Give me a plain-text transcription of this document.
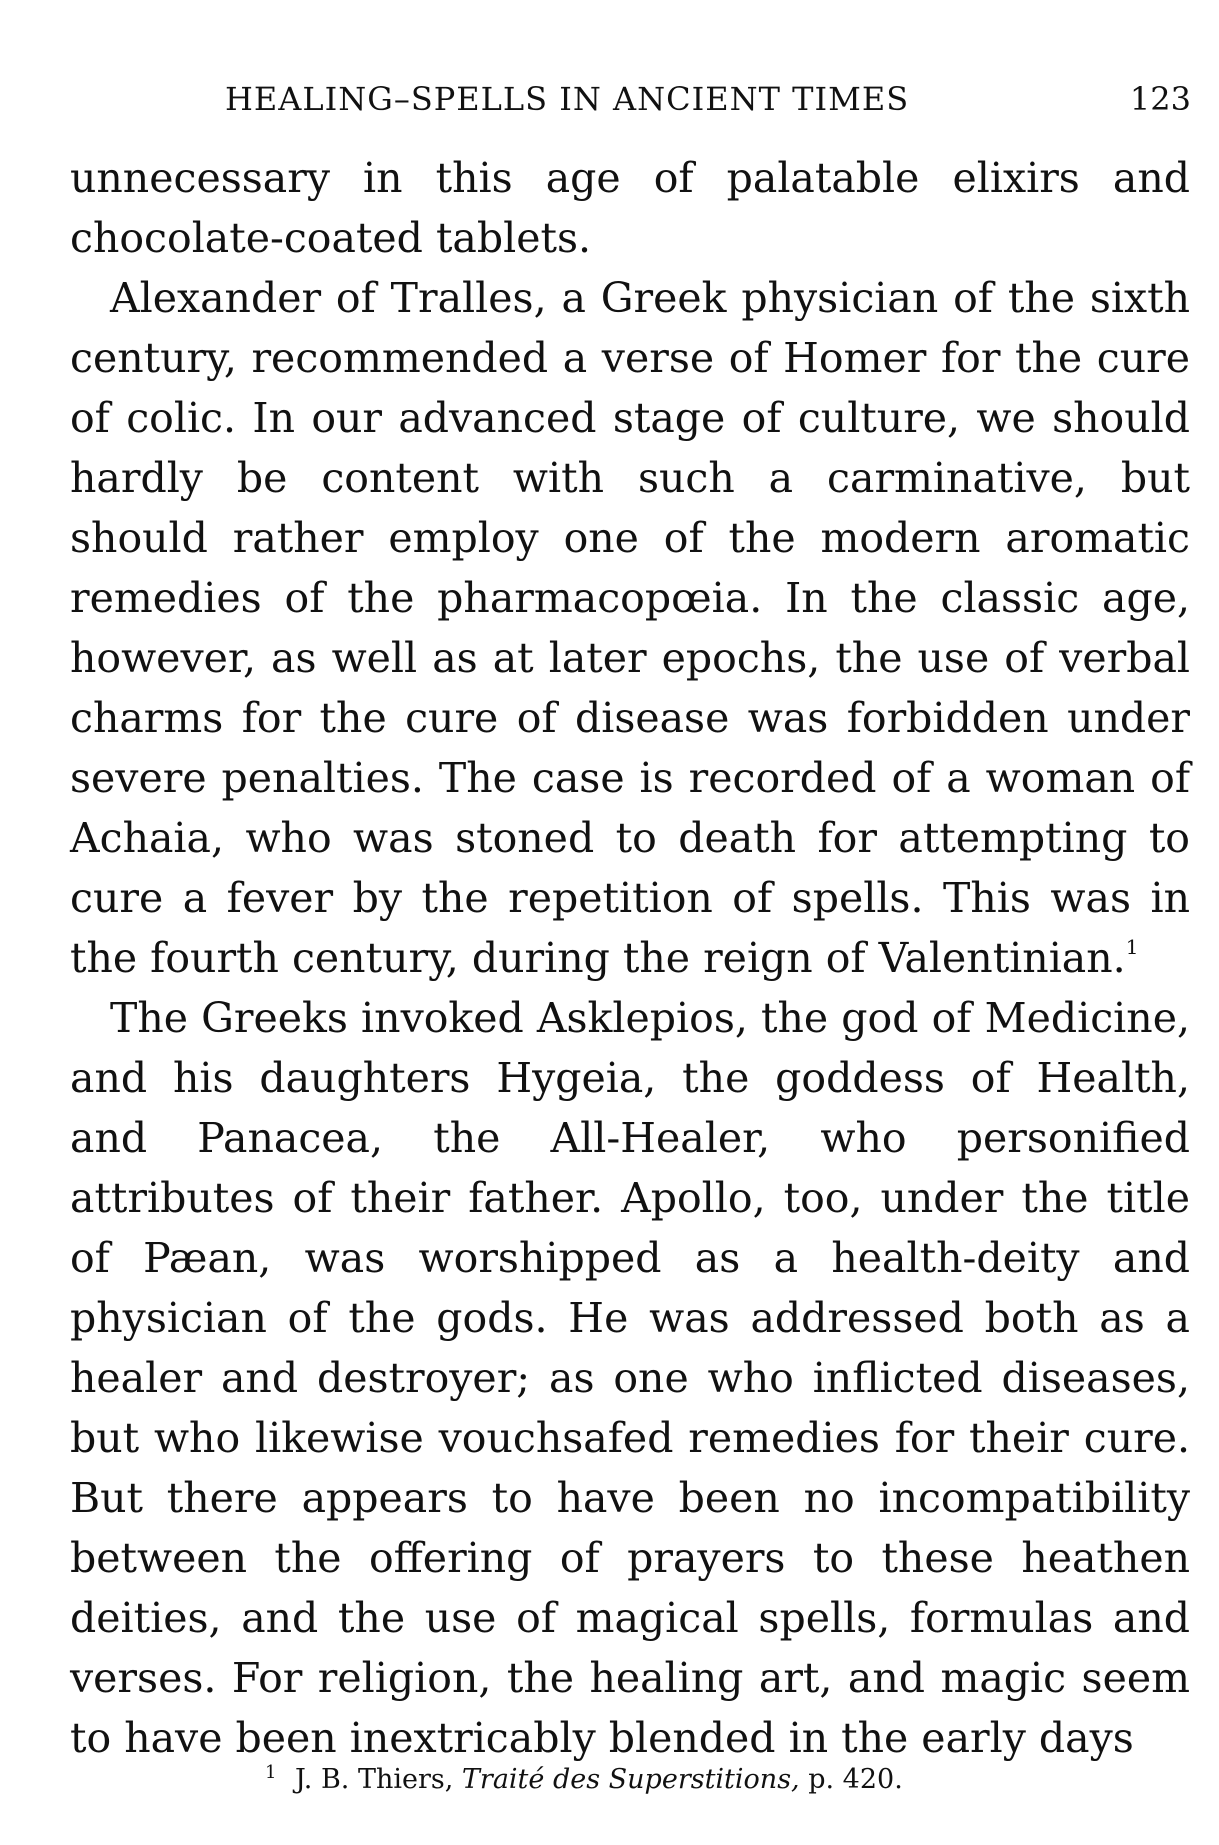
HEALING–SPELLS IN ANCIENT TIMES	123

unnecessary in this age of palatable elixirs and chocolate-coated tablets.

Alexander of Tralles, a Greek physician of the sixth century, recommended a verse of Homer for the cure of colic. In our advanced stage of culture, we should hardly be content with such a carminative, but should rather employ one of the modern aromatic remedies of the pharmacopœia. In the classic age, however, as well as at later epochs, the use of verbal charms for the cure of disease was forbidden under severe penalties. The case is recorded of a woman of Achaia, who was stoned to death for attempting to cure a fever by the repetition of spells. This was in the fourth century, during the reign of Valentinian.$^1$

The Greeks invoked Asklepios, the god of Medicine, and his daughters Hygeia, the goddess of Health, and Panacea, the All-Healer, who personified attributes of their father. Apollo, too, under the title of Pæan, was worshipped as a health-deity and physician of the gods. He was addressed both as a healer and destroyer; as one who inflicted diseases, but who likewise vouchsafed remedies for their cure. But there appears to have been no incompatibility between the offering of prayers to these heathen deities, and the use of magical spells, formulas and verses. For religion, the healing art, and magic seem to have been inextricably blended in the early days

$^1$ J. B. Thiers, Traité des Superstitions, p. 420.
